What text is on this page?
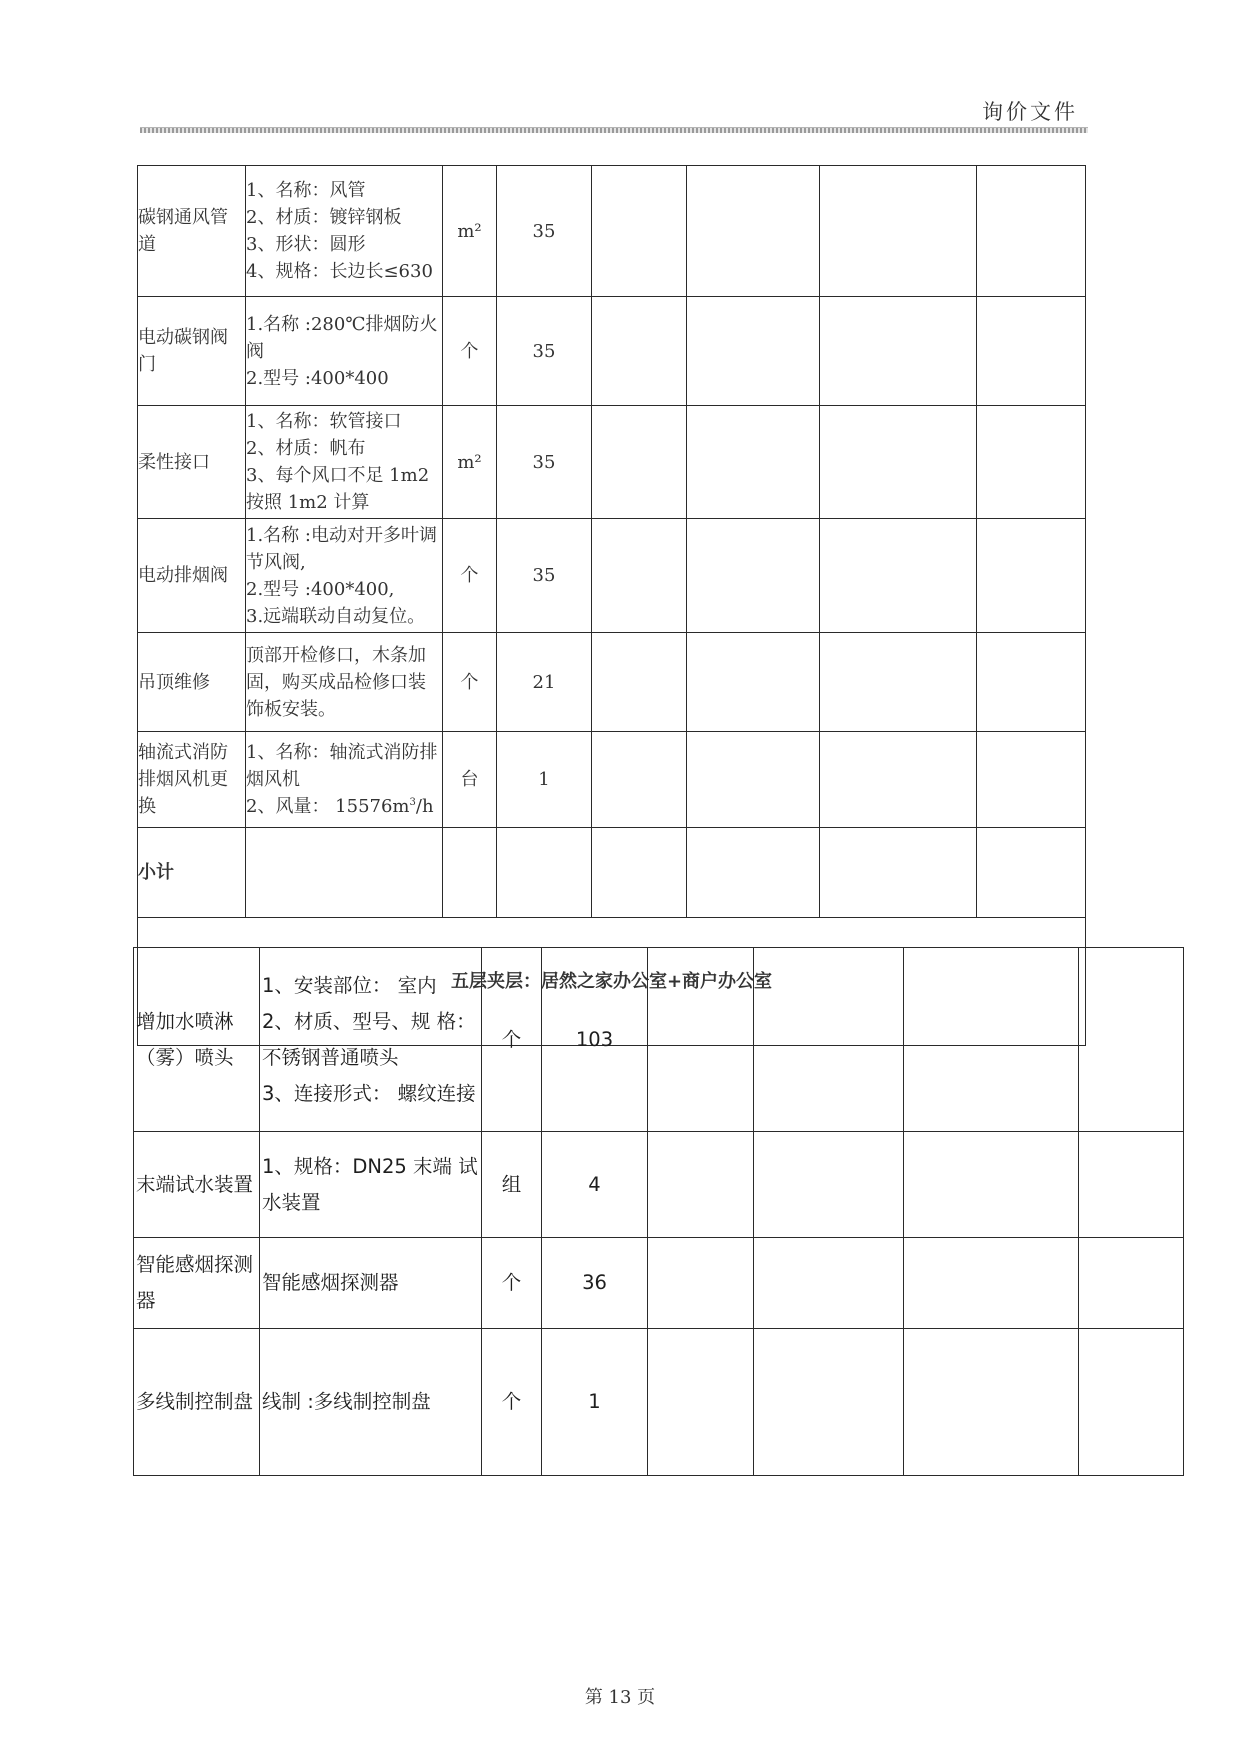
询价文件
碳钢通风管道	1、名称：风管
2、材质：镀锌钢板
3、形状：圆形
4、规格：长边长≤630	m²	35				
电动碳钢阀门	1.名称 :280℃排烟防火阀
2.型号 :400*400	个	35				
柔性接口	1、名称：软管接口
2、材质：帆布
3、每个风口不足 1m2 按照 1m2 计算	m²	35				
电动排烟阀	1.名称 :电动对开多叶调节风阀,
2.型号 :400*400,
3.远端联动自动复位。	个	35				
吊顶维修	顶部开检修口，木条加固，购买成品检修口装饰板安装。	个	21				
轴流式消防排烟风机更换	1、名称：轴流式消防排烟风机
2、风量： $15576m^3/h$	台	1				
小计							
五层夹层：居然之家办公室+商户办公室							
增加水喷淋（雾）喷头	1、安装部位： 室内
2、材质、型号、规 格：不锈钢普通喷头
3、连接形式： 螺纹连接	个	103				
末端试水装置	1、规格：DN25 末端 试水装置	组	4				
智能感烟探测器	智能感烟探测器	个	36				
多线制控制盘	线制 :多线制控制盘	个	1				
第 13 页
